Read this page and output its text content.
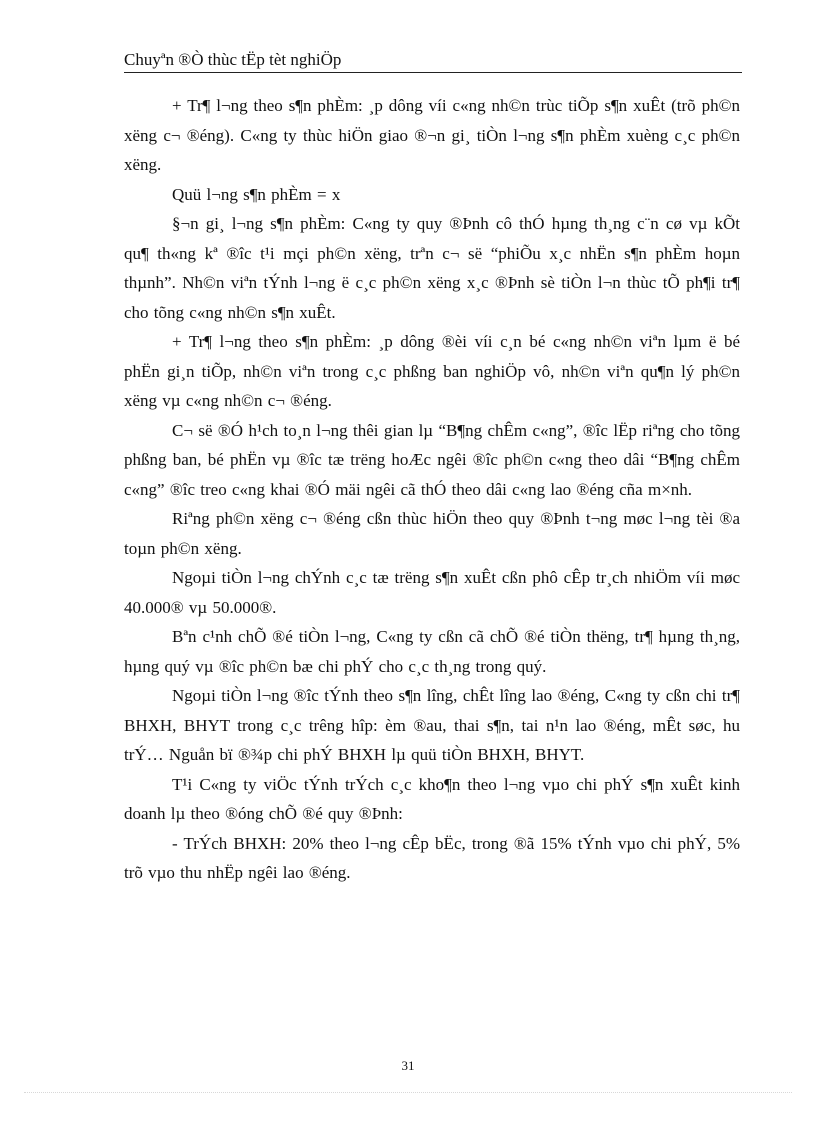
Chuyªn ®Ò thùc tËp tèt nghiÖp

+ Tr¶ l¬ng theo s¶n phÈm: ¸p dông víi c«ng nh©n trùc tiÕp s¶n xuÊt (trõ ph©n xëng c¬ ®éng). C«ng ty thùc hiÖn giao ®¬n gi¸ tiÒn l¬ng s¶n phÈm xuèng c¸c ph©n xëng.

Quü l¬ng s¶n phÈm = x

§¬n gi¸ l¬ng s¶n phÈm: C«ng ty quy ®Þnh cô thÓ hµng th¸ng c¨n cø vµ kÕt qu¶ th«ng kª ®îc t¹i mçi ph©n xëng, trªn c¬ së “phiÕu x¸c nhËn s¶n phÈm hoµn thµnh”. Nh©n viªn tÝnh l¬ng ë c¸c ph©n xëng x¸c ®Þnh sè tiÒn l¬n thùc tÕ ph¶i tr¶ cho tõng c«ng nh©n s¶n xuÊt.

+ Tr¶ l¬ng theo s¶n phÈm: ¸p dông ®èi víi c¸n bé c«ng nh©n viªn lµm ë bé phËn gi¸n tiÕp, nh©n viªn trong c¸c phßng ban nghiÖp vô, nh©n viªn qu¶n lý ph©n xëng vµ c«ng nh©n c¬ ®éng.

C¬ së ®Ó h¹ch to¸n l¬ng thêi gian lµ “B¶ng chÊm c«ng”, ®îc lËp riªng cho tõng phßng ban, bé phËn vµ ®îc tæ trëng hoÆc ngêi ®îc ph©n c«ng theo dâi “B¶ng chÊm c«ng” ®îc treo c«ng khai ®Ó mäi ngêi cã thÓ theo dâi c«ng lao ®éng cña m×nh.

Riªng ph©n xëng c¬ ®éng cßn thùc hiÖn theo quy ®Þnh t¬ng møc l¬ng tèi ®a toµn ph©n xëng.

Ngoµi tiÒn l¬ng chÝnh c¸c tæ trëng s¶n xuÊt cßn phô cÊp tr¸ch nhiÖm víi møc 40.000® vµ 50.000®.

Bªn c¹nh chÕ ®é tiÒn l¬ng, C«ng ty cßn cã chÕ ®é tiÒn thëng, tr¶ hµng th¸ng, hµng quý vµ ®îc ph©n bæ chi phÝ cho c¸c th¸ng trong quý.

Ngoµi tiÒn l¬ng ®îc tÝnh theo s¶n lîng, chÊt lîng lao ®éng, C«ng ty cßn chi tr¶ BHXH, BHYT trong c¸c trêng hîp: èm ®au, thai s¶n, tai n¹n lao ®éng, mÊt søc, hu trÝ… Nguån bï ®¾p chi phÝ BHXH lµ quü tiÒn BHXH, BHYT.

T¹i C«ng ty viÖc tÝnh trÝch c¸c kho¶n theo l¬ng vµo chi phÝ s¶n xuÊt kinh doanh lµ theo ®óng chÕ ®é quy ®Þnh:

- TrÝch BHXH: 20% theo l¬ng cÊp bËc, trong ®ã 15% tÝnh vµo chi phÝ, 5% trõ vµo thu nhËp ngêi lao ®éng.

31
